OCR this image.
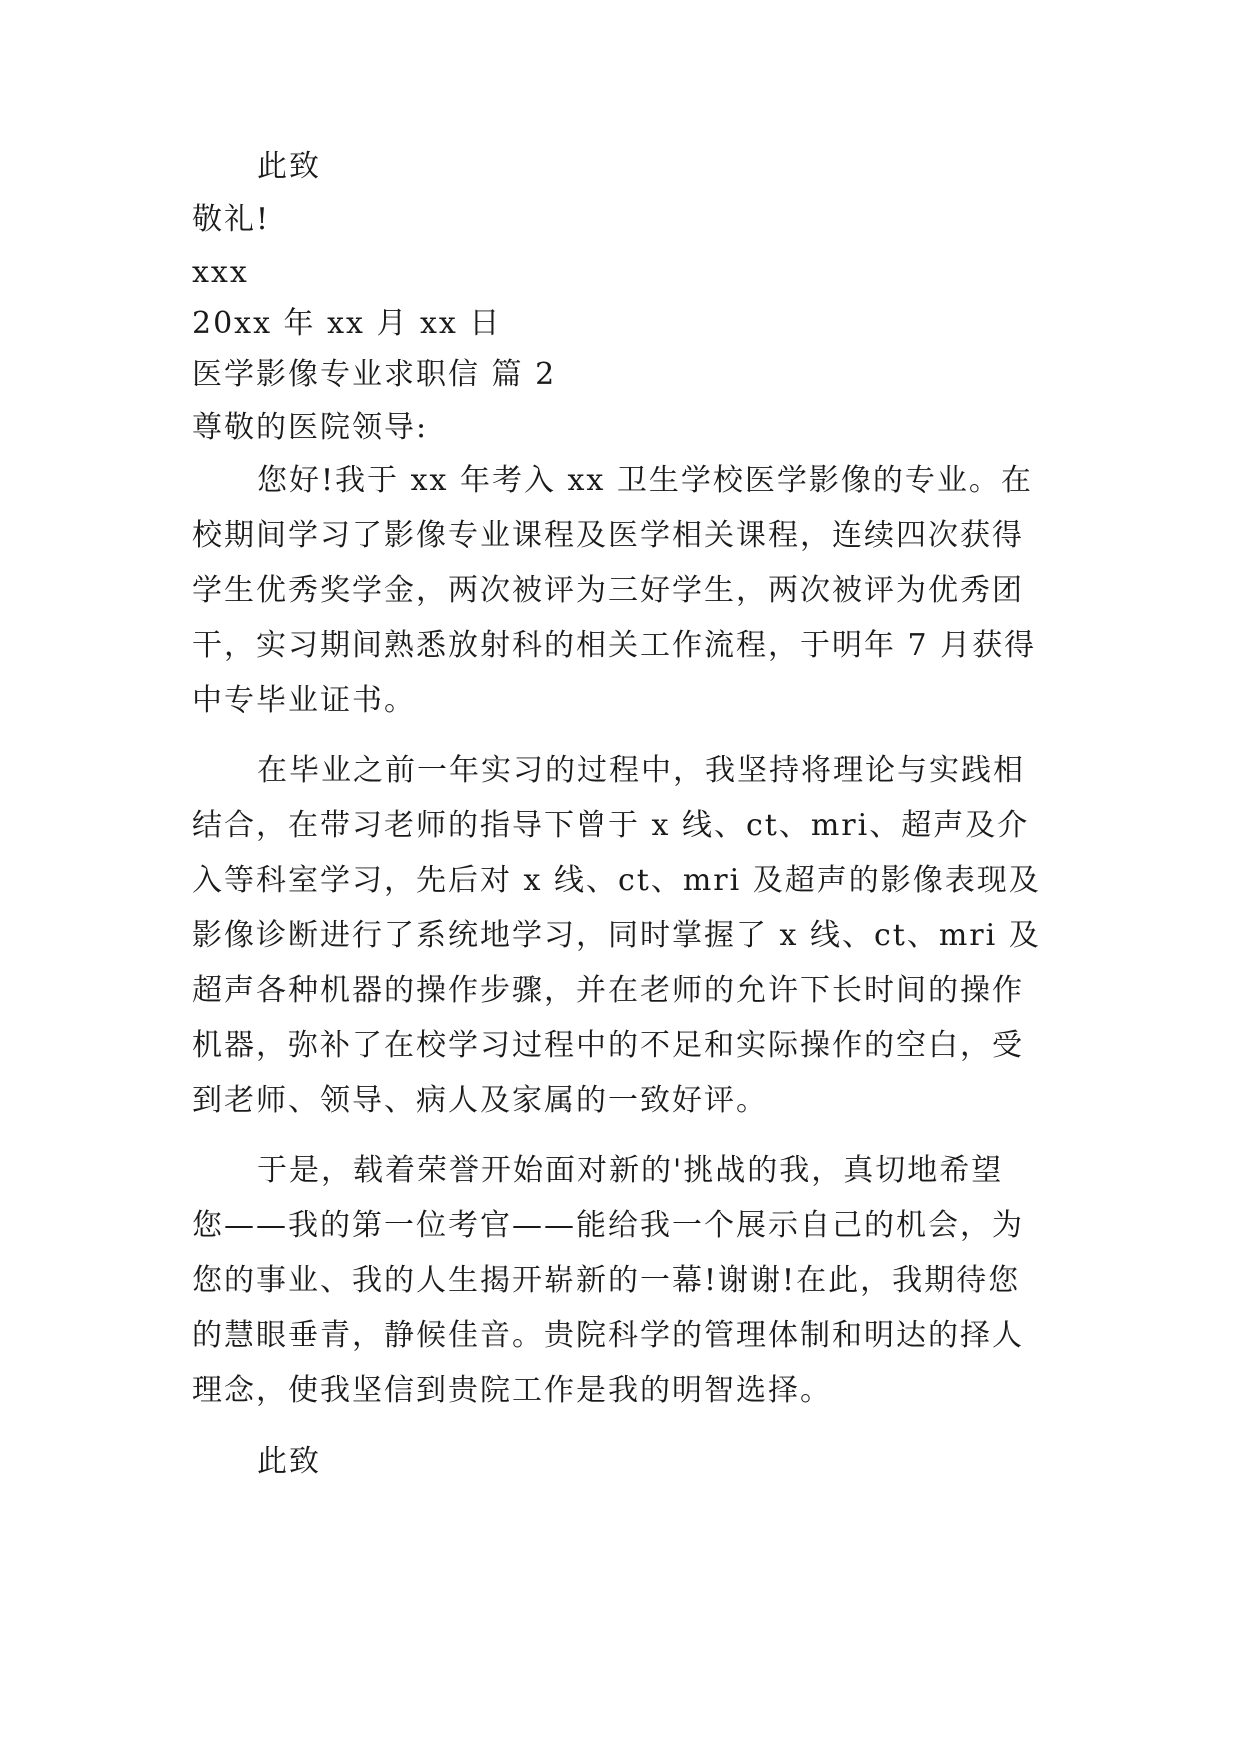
此致
敬礼!
xxx
20xx 年 xx 月 xx 日
医学影像专业求职信 篇 2
尊敬的医院领导:
您好!我于 xx 年考入 xx 卫生学校医学影像的专业。在
校期间学习了影像专业课程及医学相关课程，连续四次获得
学生优秀奖学金，两次被评为三好学生，两次被评为优秀团
干，实习期间熟悉放射科的相关工作流程，于明年 7 月获得
中专毕业证书。
在毕业之前一年实习的过程中，我坚持将理论与实践相
结合，在带习老师的指导下曾于 x 线、ct、mri、超声及介
入等科室学习，先后对 x 线、ct、mri 及超声的影像表现及
影像诊断进行了系统地学习，同时掌握了 x 线、ct、mri 及
超声各种机器的操作步骤，并在老师的允许下长时间的操作
机器，弥补了在校学习过程中的不足和实际操作的空白，受
到老师、领导、病人及家属的一致好评。
于是，载着荣誉开始面对新的'挑战的我，真切地希望
您——我的第一位考官——能给我一个展示自己的机会，为
您的事业、我的人生揭开崭新的一幕!谢谢!在此，我期待您
的慧眼垂青，静候佳音。贵院科学的管理体制和明达的择人
理念，使我坚信到贵院工作是我的明智选择。
此致
